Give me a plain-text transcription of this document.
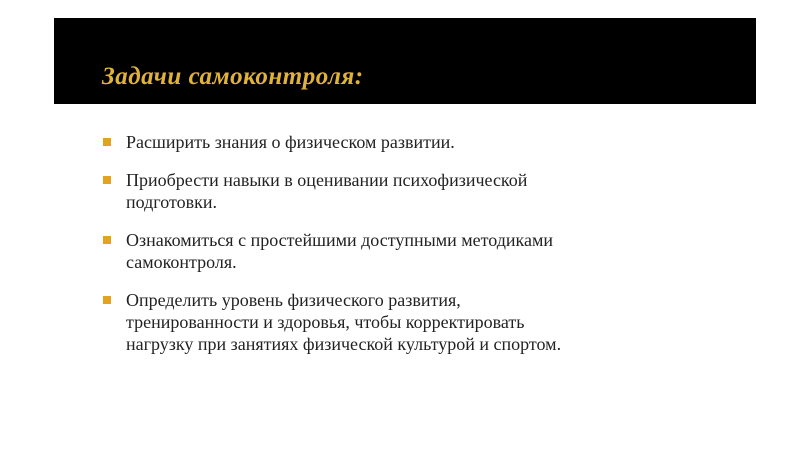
Задачи самоконтроля:
Расширить знания о физическом развитии.
Приобрести навыки в оценивании психофизической
подготовки.
Ознакомиться с простейшими доступными методиками
самоконтроля.
Определить уровень физического развития,
тренированности и здоровья, чтобы корректировать
нагрузку при занятиях физической культурой и спортом.
